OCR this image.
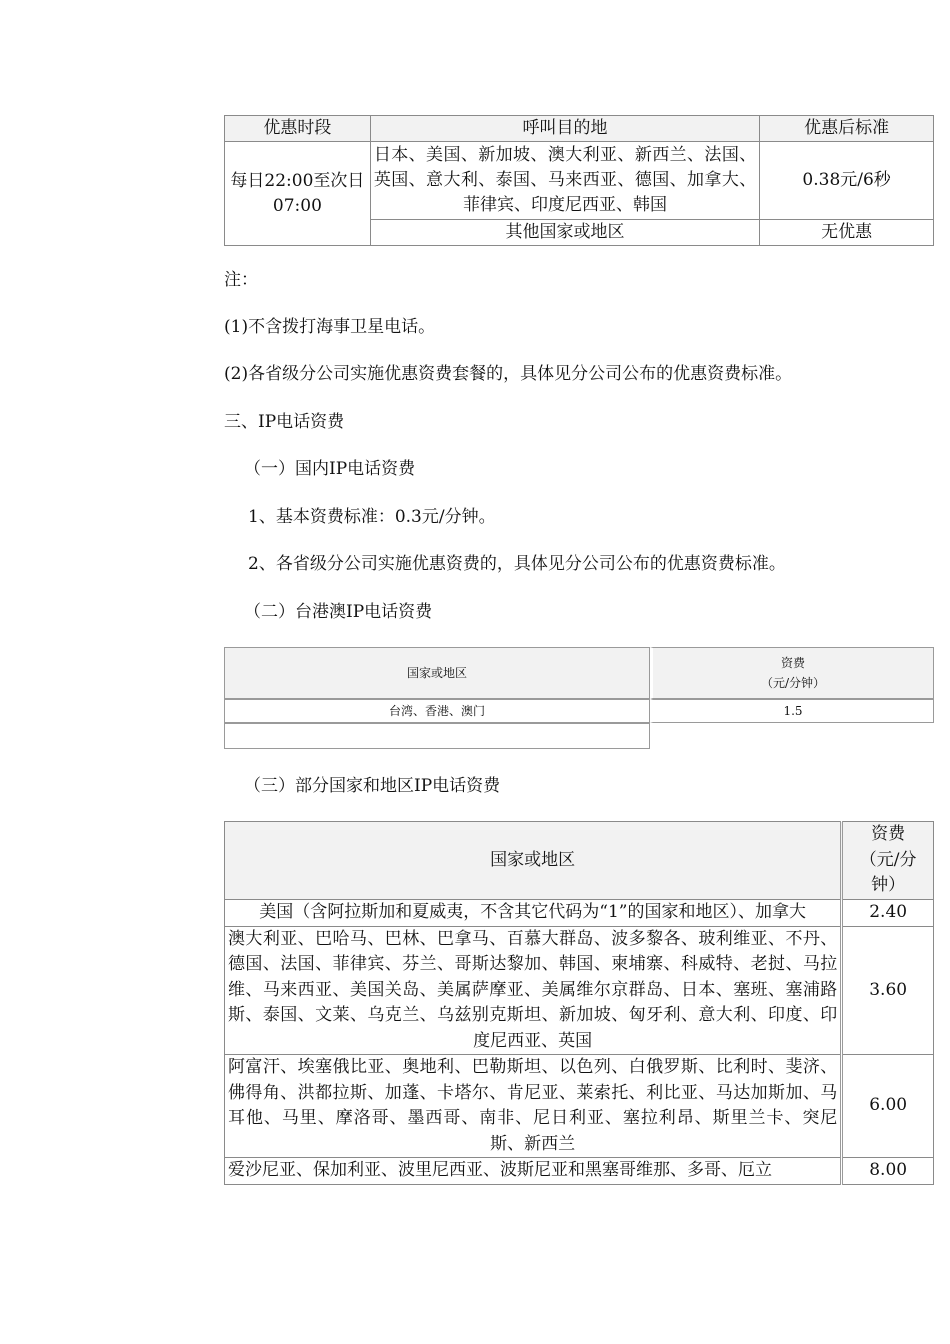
优惠时段	呼叫目的地	优惠后标准
每日22:00至次日07:00	日本、美国、新加坡、澳大利亚、新西兰、法国、英国、意大利、泰国、马来西亚、德国、加拿大、菲律宾、印度尼西亚、韩国	0.38元/6秒
	其他国家或地区	无优惠
注：
(1)不含拨打海事卫星电话。
(2)各省级分公司实施优惠资费套餐的，具体见分公司公布的优惠资费标准。
三、IP电话资费
（一）国内IP电话资费
1、基本资费标准：0.3元/分钟。
2、各省级分公司实施优惠资费的，具体见分公司公布的优惠资费标准。
（二）台港澳IP电话资费
国家或地区	资费
（元/分钟）

台湾、香港、澳门	1.5

（三）部分国家和地区IP电话资费
国家或地区	资费（元/分钟）
美国（含阿拉斯加和夏威夷，不含其它代码为“1”的国家和地区）、加拿大	2.40
澳大利亚、巴哈马、巴林、巴拿马、百慕大群岛、波多黎各、玻利维亚、不丹、德国、法国、菲律宾、芬兰、哥斯达黎加、韩国、柬埔寨、科威特、老挝、马拉维、马来西亚、美国关岛、美属萨摩亚、美属维尔京群岛、日本、塞班、塞浦路斯、泰国、文莱、乌克兰、乌兹别克斯坦、新加坡、匈牙利、意大利、印度、印度尼西亚、英国	3.60
阿富汗、埃塞俄比亚、奥地利、巴勒斯坦、以色列、白俄罗斯、比利时、斐济、佛得角、洪都拉斯、加蓬、卡塔尔、肯尼亚、莱索托、利比亚、马达加斯加、马耳他、马里、摩洛哥、墨西哥、南非、尼日利亚、塞拉利昂、斯里兰卡、突尼斯、新西兰	6.00
爱沙尼亚、保加利亚、波里尼西亚、波斯尼亚和黑塞哥维那、多哥、厄立	8.00
